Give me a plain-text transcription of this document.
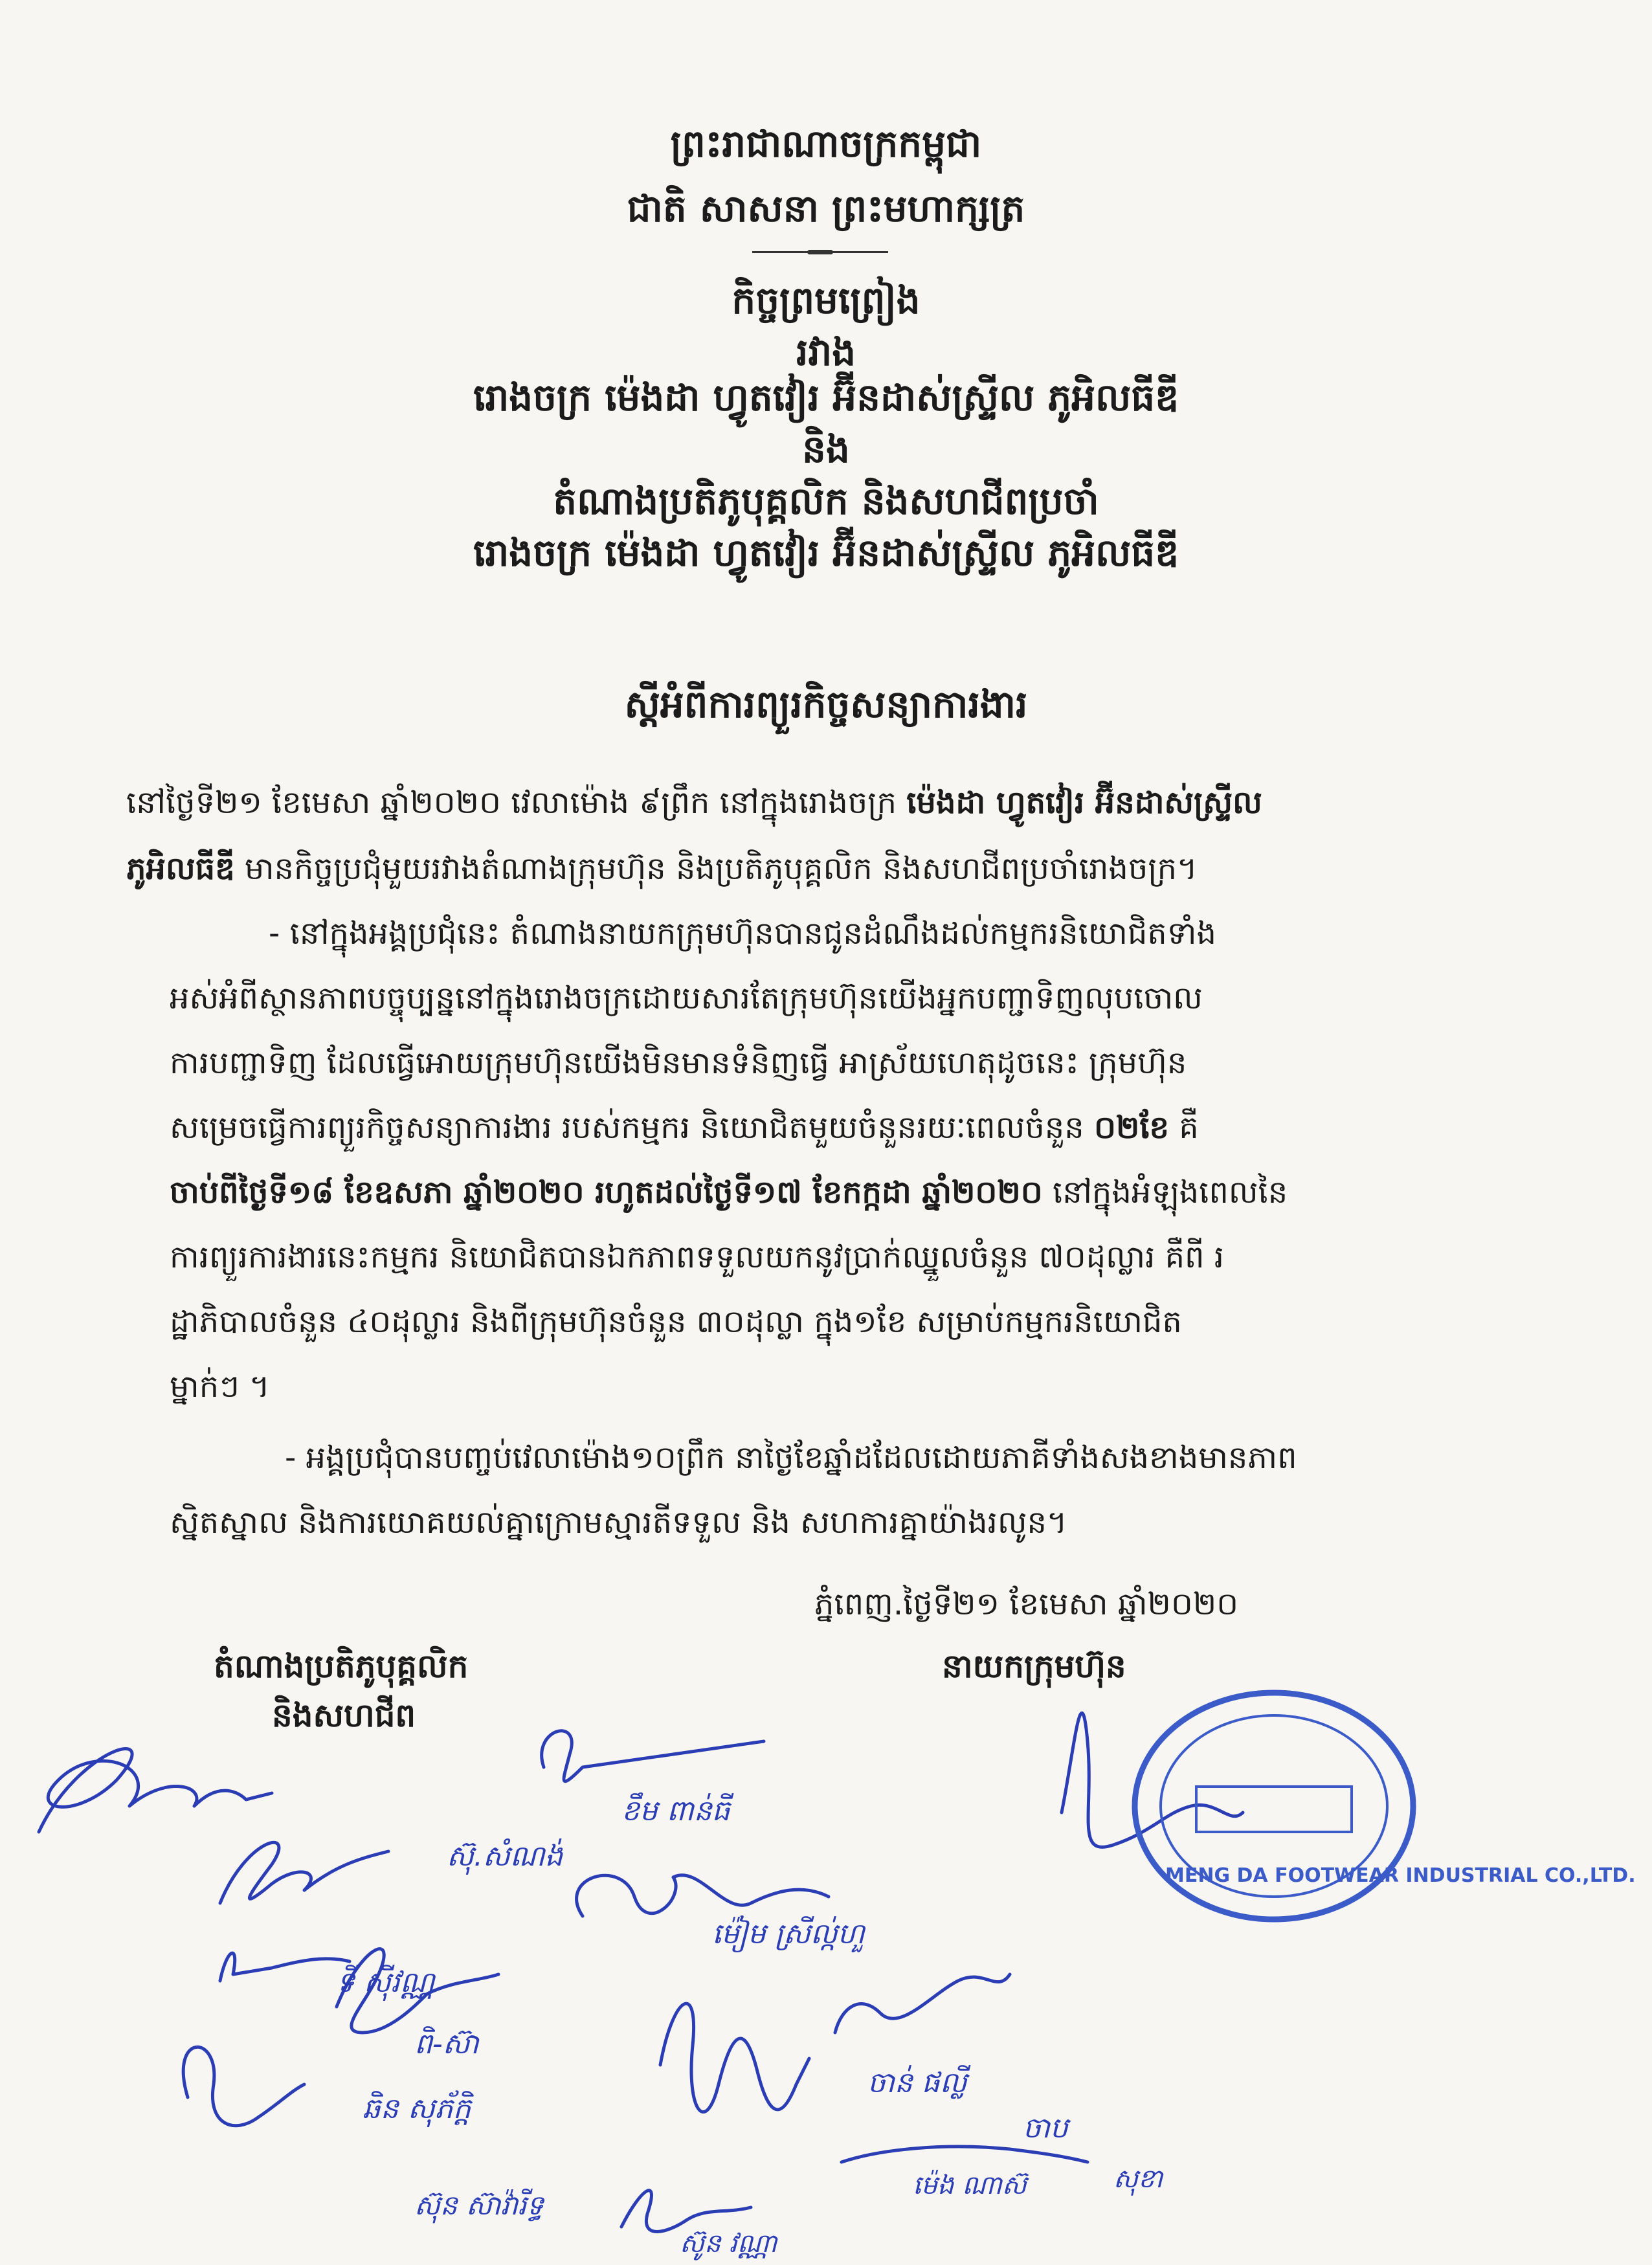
ព្រះរាជាណាចក្រកម្ពុជា
ជាតិ សាសនា ព្រះមហាក្សត្រ
កិច្ចព្រមព្រៀង
រវាង
រោងចក្រ ម៉េងដា ហ្វូតវៀរ អ៊ីនដាស់ស្ទ្រីល ភូអិលធីឌី
និង
តំណាងប្រតិភូបុគ្គលិក និងសហជីពប្រចាំ
រោងចក្រ ម៉េងដា ហ្វូតវៀរ អ៊ីនដាស់ស្ទ្រីល ភូអិលធីឌី
ស្តីអំពីការព្យួរកិច្ចសន្យាការងារ
នៅថ្ងៃទី២១ ខែមេសា ឆ្នាំ២០២០ វេលាម៉ោង ៩ព្រឹក នៅក្នុងរោងចក្រ ម៉េងដា ហ្វូតវៀរ អ៊ីនដាស់ស្ទ្រីល
ភូអិលធីឌី មានកិច្ចប្រជុំមួយរវាងតំណាងក្រុមហ៊ុន និងប្រតិភូបុគ្គលិក និងសហជីពប្រចាំរោងចក្រ។
- នៅក្នុងអង្គប្រជុំនេះ តំណាងនាយកក្រុមហ៊ុនបានជូនដំណឹងដល់កម្មករនិយោជិតទាំង
អស់អំពីស្ថានភាពបច្ចុប្បន្ននៅក្នុងរោងចក្រដោយសារតែក្រុមហ៊ុនយើងអ្នកបញ្ជាទិញលុបចោល
ការបញ្ជាទិញ ដែលធ្វើអោយក្រុមហ៊ុនយើងមិនមានទំនិញធ្វើ អាស្រ័យហេតុដូចនេះ ក្រុមហ៊ុន
សម្រេចធ្វើការព្យួរកិច្ចសន្យាការងារ របស់កម្មករ និយោជិតមួយចំនួនរយៈពេលចំនួន ០២ខែ គឺ
ចាប់ពីថ្ងៃទី១៨ ខែឧសភា ឆ្នាំ២០២០ រហូតដល់ថ្ងៃទី១៧ ខែកក្កដា ឆ្នាំ២០២០ នៅក្នុងអំឡុងពេលនៃ
ការព្យួរការងារនេះកម្មករ និយោជិតបានឯកភាពទទួលយកនូវប្រាក់ឈ្នួលចំនួន ៧០ដុល្លារ គឺពី រ
ដ្ឋាភិបាលចំនួន ៤០ដុល្លារ និងពីក្រុមហ៊ុនចំនួន ៣០ដុល្លា ក្នុង១ខែ សម្រាប់កម្មករនិយោជិត
ម្នាក់ៗ ។
- អង្គប្រជុំបានបញ្ចប់វេលាម៉ោង១០ព្រឹក នាថ្ងៃខែឆ្នាំដដែលដោយភាគីទាំងសងខាងមានភាព
ស្និតស្នាល និងការយោគយល់គ្នាក្រោមស្មារតីទទួល និង សហការគ្នាយ៉ាងរលូន។
ភ្នំពេញ.ថ្ងៃទី២១ ខែមេសា ឆ្នាំ២០២០
តំណាងប្រតិភូបុគ្គលិក
និងសហជីព
នាយកក្រុមហ៊ុន
ស៊ុ.សំណង់
ខឹម ពាន់ធី
ទី ស៊ីវណ្ណ
ម៉ៀម ស្រីល្ក់ហួ
ពិ-ស៊ា
ឆិន សុភ័ក្តិ
ចាន់ ផល្លី
ចាប
ម៉េង ណាស៊
ស៊ុន ស៊ាវ៉ារីទ្ធ
ស៊ូន វណ្ណា
សុខា
MENG DA FOOTWEAR INDUSTRIAL CO.,LTD.
